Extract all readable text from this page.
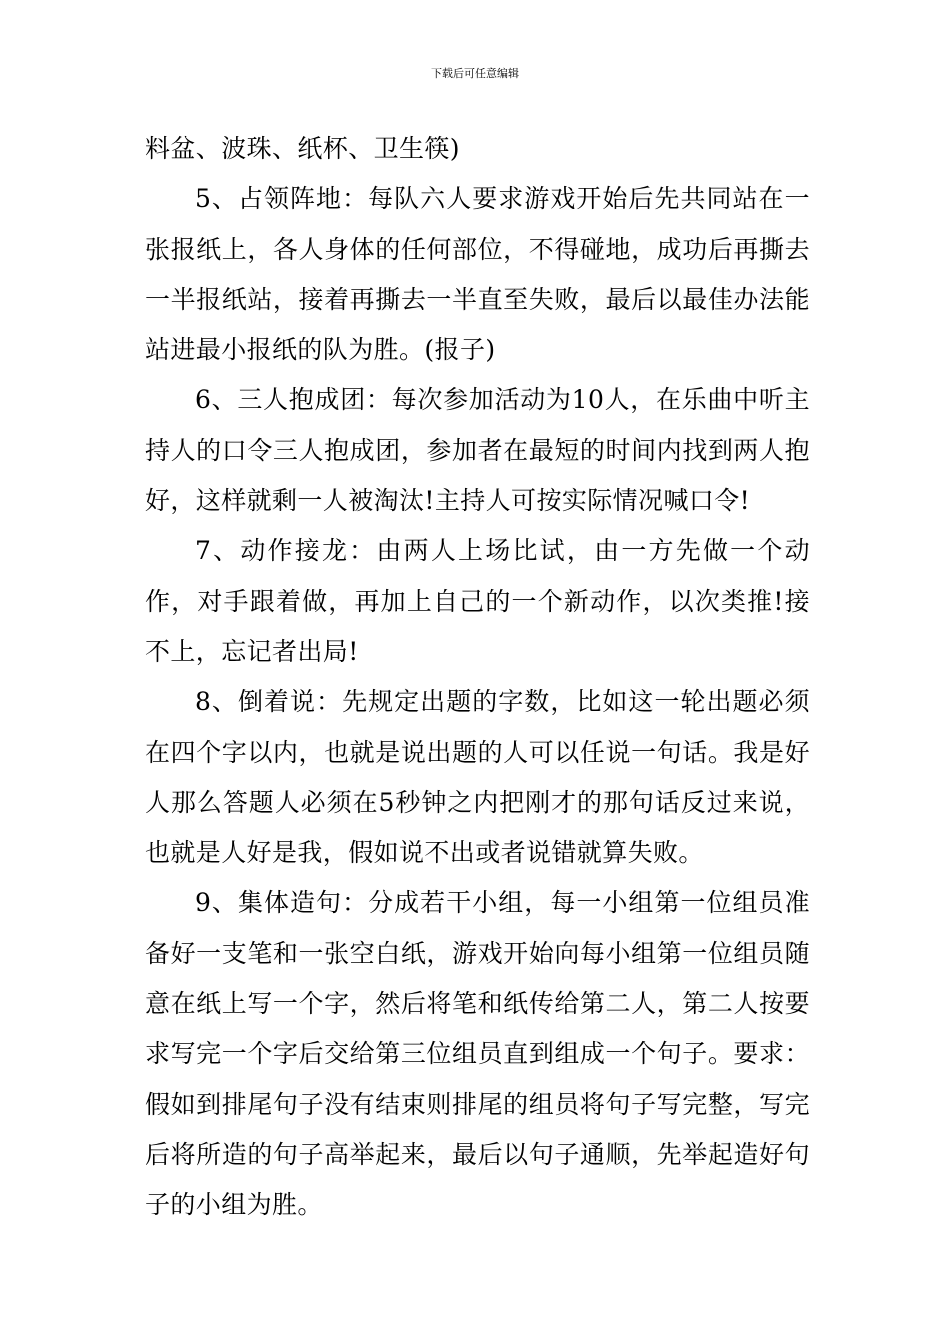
下载后可任意编辑

料盆、波珠、纸杯、卫生筷)

5、占领阵地：每队六人要求游戏开始后先共同站在一张报纸上，各人身体的任何部位，不得碰地，成功后再撕去一半报纸站，接着再撕去一半直至失败，最后以最佳办法能站进最小报纸的队为胜。(报子)

6、三人抱成团：每次参加活动为10人，在乐曲中听主持人的口令三人抱成团，参加者在最短的时间内找到两人抱好，这样就剩一人被淘汰!主持人可按实际情况喊口令!

7、动作接龙：由两人上场比试，由一方先做一个动作，对手跟着做，再加上自己的一个新动作，以次类推!接不上，忘记者出局!

8、倒着说：先规定出题的字数，比如这一轮出题必须在四个字以内，也就是说出题的人可以任说一句话。我是好人那么答题人必须在5秒钟之内把刚才的那句话反过来说，也就是人好是我，假如说不出或者说错就算失败。

9、集体造句：分成若干小组，每一小组第一位组员准备好一支笔和一张空白纸，游戏开始向每小组第一位组员随意在纸上写一个字，然后将笔和纸传给第二人，第二人按要求写完一个字后交给第三位组员直到组成一个句子。要求：假如到排尾句子没有结束则排尾的组员将句子写完整，写完后将所造的句子高举起来，最后以句子通顺，先举起造好句子的小组为胜。
